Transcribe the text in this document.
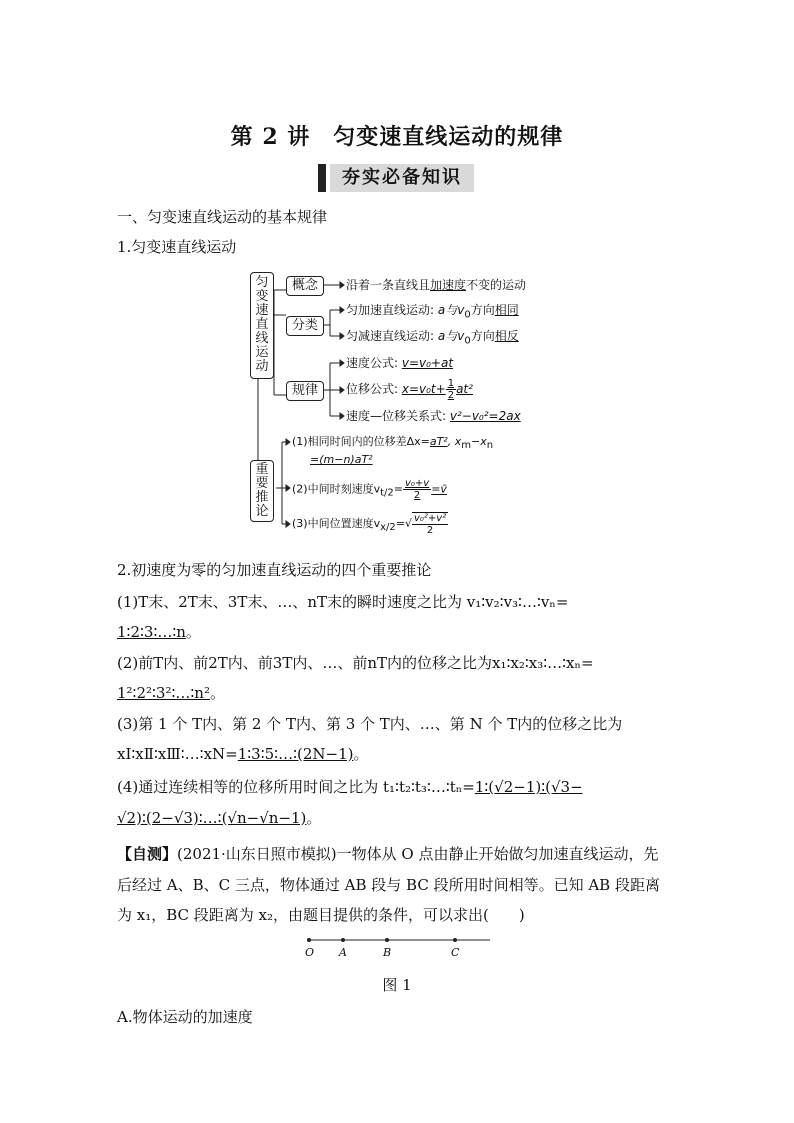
第 2 讲　匀变速直线运动的规律
夯实必备知识
一、匀变速直线运动的基本规律
1.匀变速直线运动
匀
变
速
直
线
运
动
概念	沿着一条直线且加速度不变的运动
分类
匀加速直线运动: a与$v_0$方向相同
匀减速直线运动: a与$v_0$方向相反
规律
速度公式: v=v₀+at
位移公式: $x=v_0t+ \frac{1}{2} at^2$
速度—位移关系式: v²−v₀²=2ax
重
要
推
论
(1)相同时间内的位移差Δx=aT², $x_m-x_n$
=(m−n)aT²
(2)中间时刻速度$v_{t/2}= \frac{\text{v₀+v}}{2}$ =v̄
(3)中间位置速度$v_{x/2}=√ \frac{\text{v₀²+v²}}{2}$
2.初速度为零的匀加速直线运动的四个重要推论
(1)T末、2T末、3T末、…、nT末的瞬时速度之比为 v₁∶v₂∶v₃∶…∶vₙ=
1∶2∶3∶…∶n。
(2)前T内、前2T内、前3T内、…、前nT内的位移之比为x₁∶x₂∶x₃∶…∶xₙ=
1²∶2²∶3²∶…∶n²。
(3)第 1 个 T内、第 2 个 T内、第 3 个 T内、…、第 N 个 T内的位移之比为
xⅠ∶xⅡ∶xⅢ∶…∶xN=1∶3∶5∶…∶(2N−1)。
(4)通过连续相等的位移所用时间之比为 t₁∶t₂∶t₃∶…∶tₙ=1∶(√2−1)∶(√3−
√2)∶(2−√3)∶…∶(√n−√n−1)。
【自测】(2021·山东日照市模拟)一物体从 O 点由静止开始做匀加速直线运动，先
后经过 A、B、C 三点，物体通过 AB 段与 BC 段所用时间相等。已知 AB 段距离
为 x₁，BC 段距离为 x₂，由题目提供的条件，可以求出(　　)
O A	B	C
图 1
A.物体运动的加速度
